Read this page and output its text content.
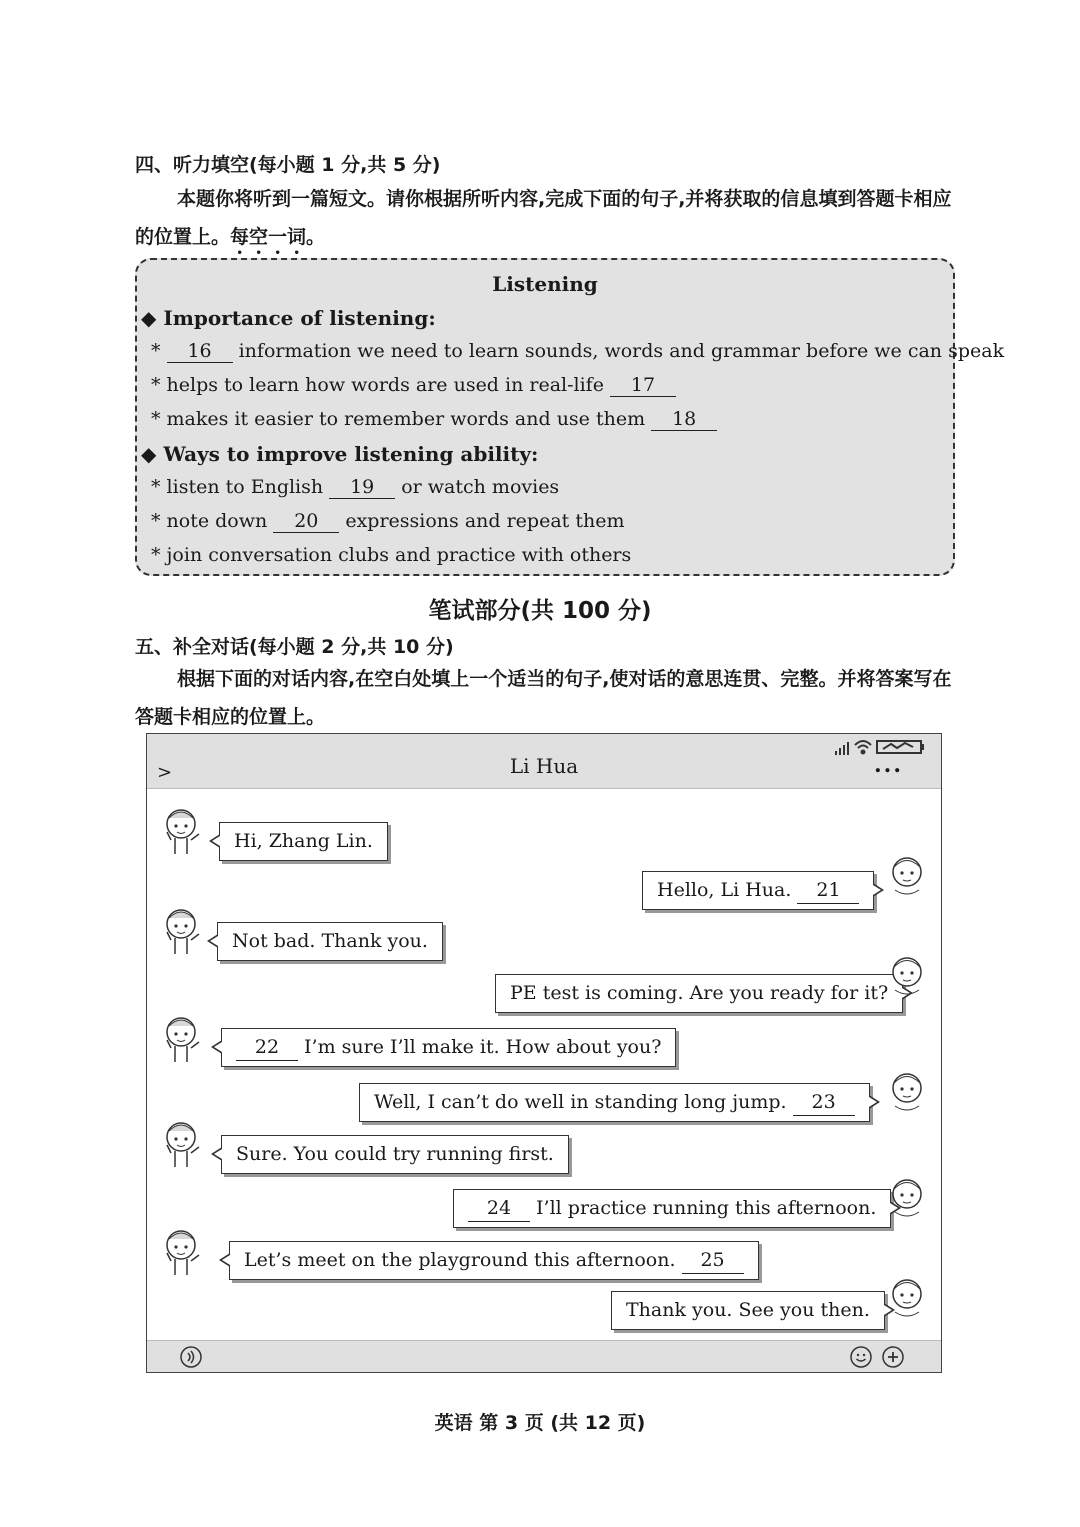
四、听力填空(每小题 1 分,共 5 分)
本题你将听到一篇短文。请你根据所听内容,完成下面的句子,并将获取的信息填到答题卡相应的位置上。每空一词。
Listening
◆ Importance of listening:
* 16 information we need to learn sounds, words and grammar before we can speak
* helps to learn how words are used in real-life 17
* makes it easier to remember words and use them 18
◆ Ways to improve listening ability:
* listen to English 19 or watch movies
* note down 20 expressions and repeat them
* join conversation clubs and practice with others
笔试部分(共 100 分)
五、补全对话(每小题 2 分,共 10 分)
根据下面的对话内容,在空白处填上一个适当的句子,使对话的意思连贯、完整。并将答案写在答题卡相应的位置上。
>	Li Hua	...
Hi, Zhang Lin.
Hello, Li Hua. 21
Not bad. Thank you.
PE test is coming. Are you ready for it?
22 I’m sure I’ll make it. How about you?
Well, I can’t do well in standing long jump. 23
Sure. You could try running first.
24 I’ll practice running this afternoon.
Let’s meet on the playground this afternoon. 25
Thank you. See you then.
英语 第 3 页 (共 12 页)
